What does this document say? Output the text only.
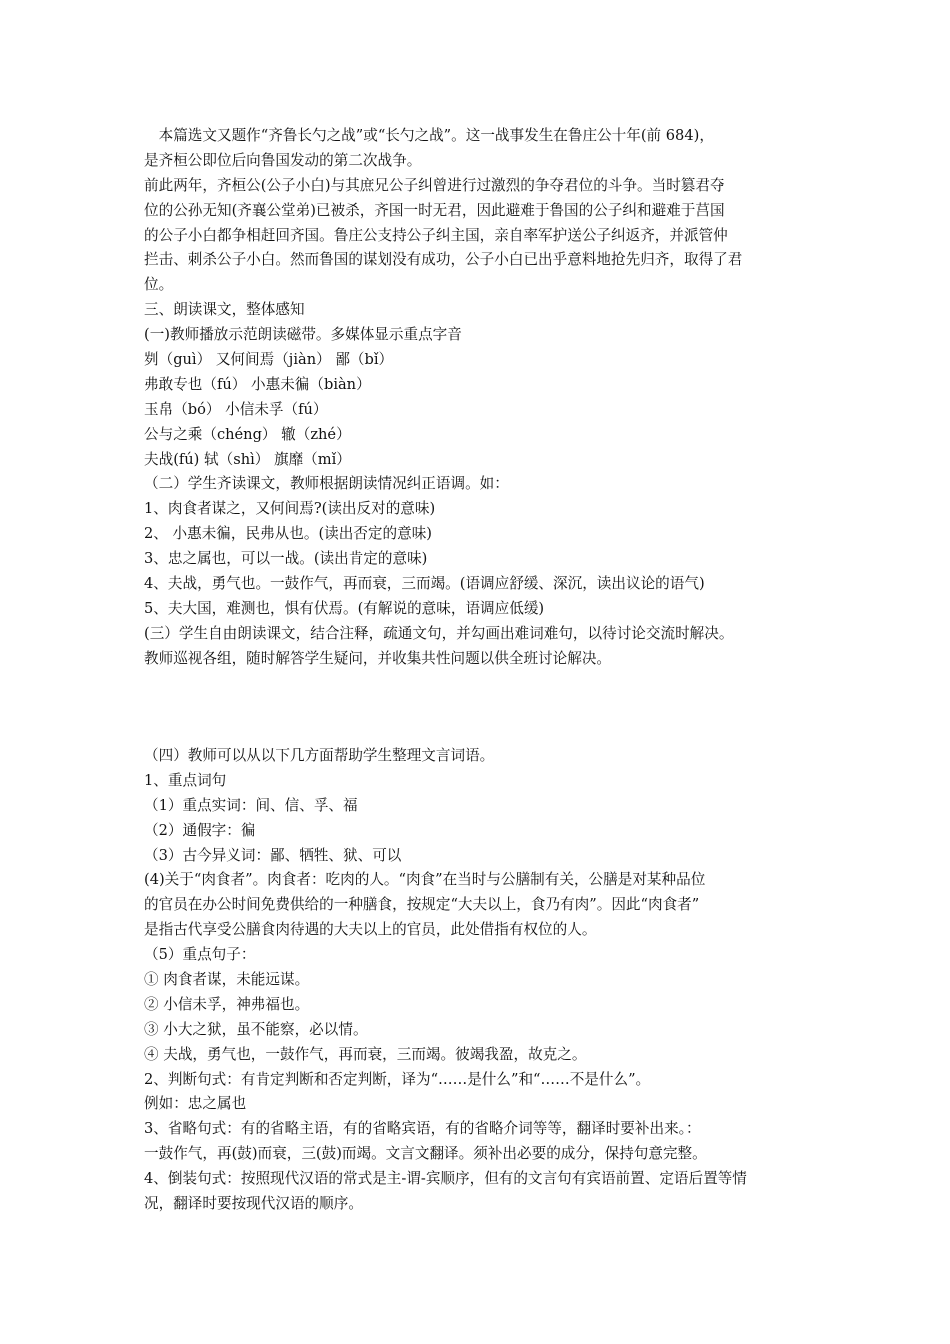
　本篇选文又题作“齐鲁长勺之战”或“长勺之战”。这一战事发生在鲁庄公十年(前 684)，
是齐桓公即位后向鲁国发动的第二次战争。
前此两年，齐桓公(公子小白)与其庶兄公子纠曾进行过激烈的争夺君位的斗争。当时篡君夺
位的公孙无知(齐襄公堂弟)已被杀，齐国一时无君，因此避难于鲁国的公子纠和避难于莒国
的公子小白都争相赶回齐国。鲁庄公支持公子纠主国，亲自率军护送公子纠返齐，并派管仲
拦击、刺杀公子小白。然而鲁国的谋划没有成功，公子小白已出乎意料地抢先归齐，取得了君
位。
三、朗读课文，整体感知
(一)教师播放示范朗读磁带。多媒体显示重点字音
刿（guì） 又何间焉（jiàn） 鄙（bǐ）
弗敢专也（fú） 小惠未徧（biàn）
玉帛（bó） 小信未孚（fú）
公与之乘（chéng） 辙（zhé）
夫战(fú) 轼（shì） 旗靡（mǐ）
（二）学生齐读课文，教师根据朗读情况纠正语调。如：
1、肉食者谋之，又何间焉?(读出反对的意味)
2、 小惠未徧，民弗从也。(读出否定的意味)
3、忠之属也，可以一战。(读出肯定的意味)
4、夫战，勇气也。一鼓作气，再而衰，三而竭。(语调应舒缓、深沉，读出议论的语气)
5、夫大国，难测也，惧有伏焉。(有解说的意味，语调应低缓)
(三）学生自由朗读课文，结合注释，疏通文句，并勾画出难词难句，以待讨论交流时解决。
教师巡视各组，随时解答学生疑问，并收集共性问题以供全班讨论解决。
（四）教师可以从以下几方面帮助学生整理文言词语。
1、重点词句
（1）重点实词：间、信、孚、福
（2）通假字：徧
（3）古今异义词：鄙、牺牲、狱、可以
(4)关于“肉食者”。肉食者：吃肉的人。“肉食”在当时与公膳制有关，公膳是对某种品位
的官员在办公时间免费供给的一种膳食，按规定“大夫以上，食乃有肉”。因此“肉食者”
是指古代享受公膳食肉待遇的大夫以上的官员，此处借指有权位的人。
（5）重点句子：
① 肉食者谋，未能远谋。
② 小信未孚，神弗福也。
③ 小大之狱，虽不能察，必以情。
④ 夫战，勇气也，一鼓作气，再而衰，三而竭。彼竭我盈，故克之。
2、判断句式：有肯定判断和否定判断，译为“……是什么”和“……不是什么”。
例如：忠之属也
3、省略句式：有的省略主语，有的省略宾语，有的省略介词等等，翻译时要补出来。：
一鼓作气，再(鼓)而衰，三(鼓)而竭。文言文翻译。须补出必要的成分，保持句意完整。
4、倒装句式：按照现代汉语的常式是主-谓-宾顺序，但有的文言句有宾语前置、定语后置等情
况，翻译时要按现代汉语的顺序。
